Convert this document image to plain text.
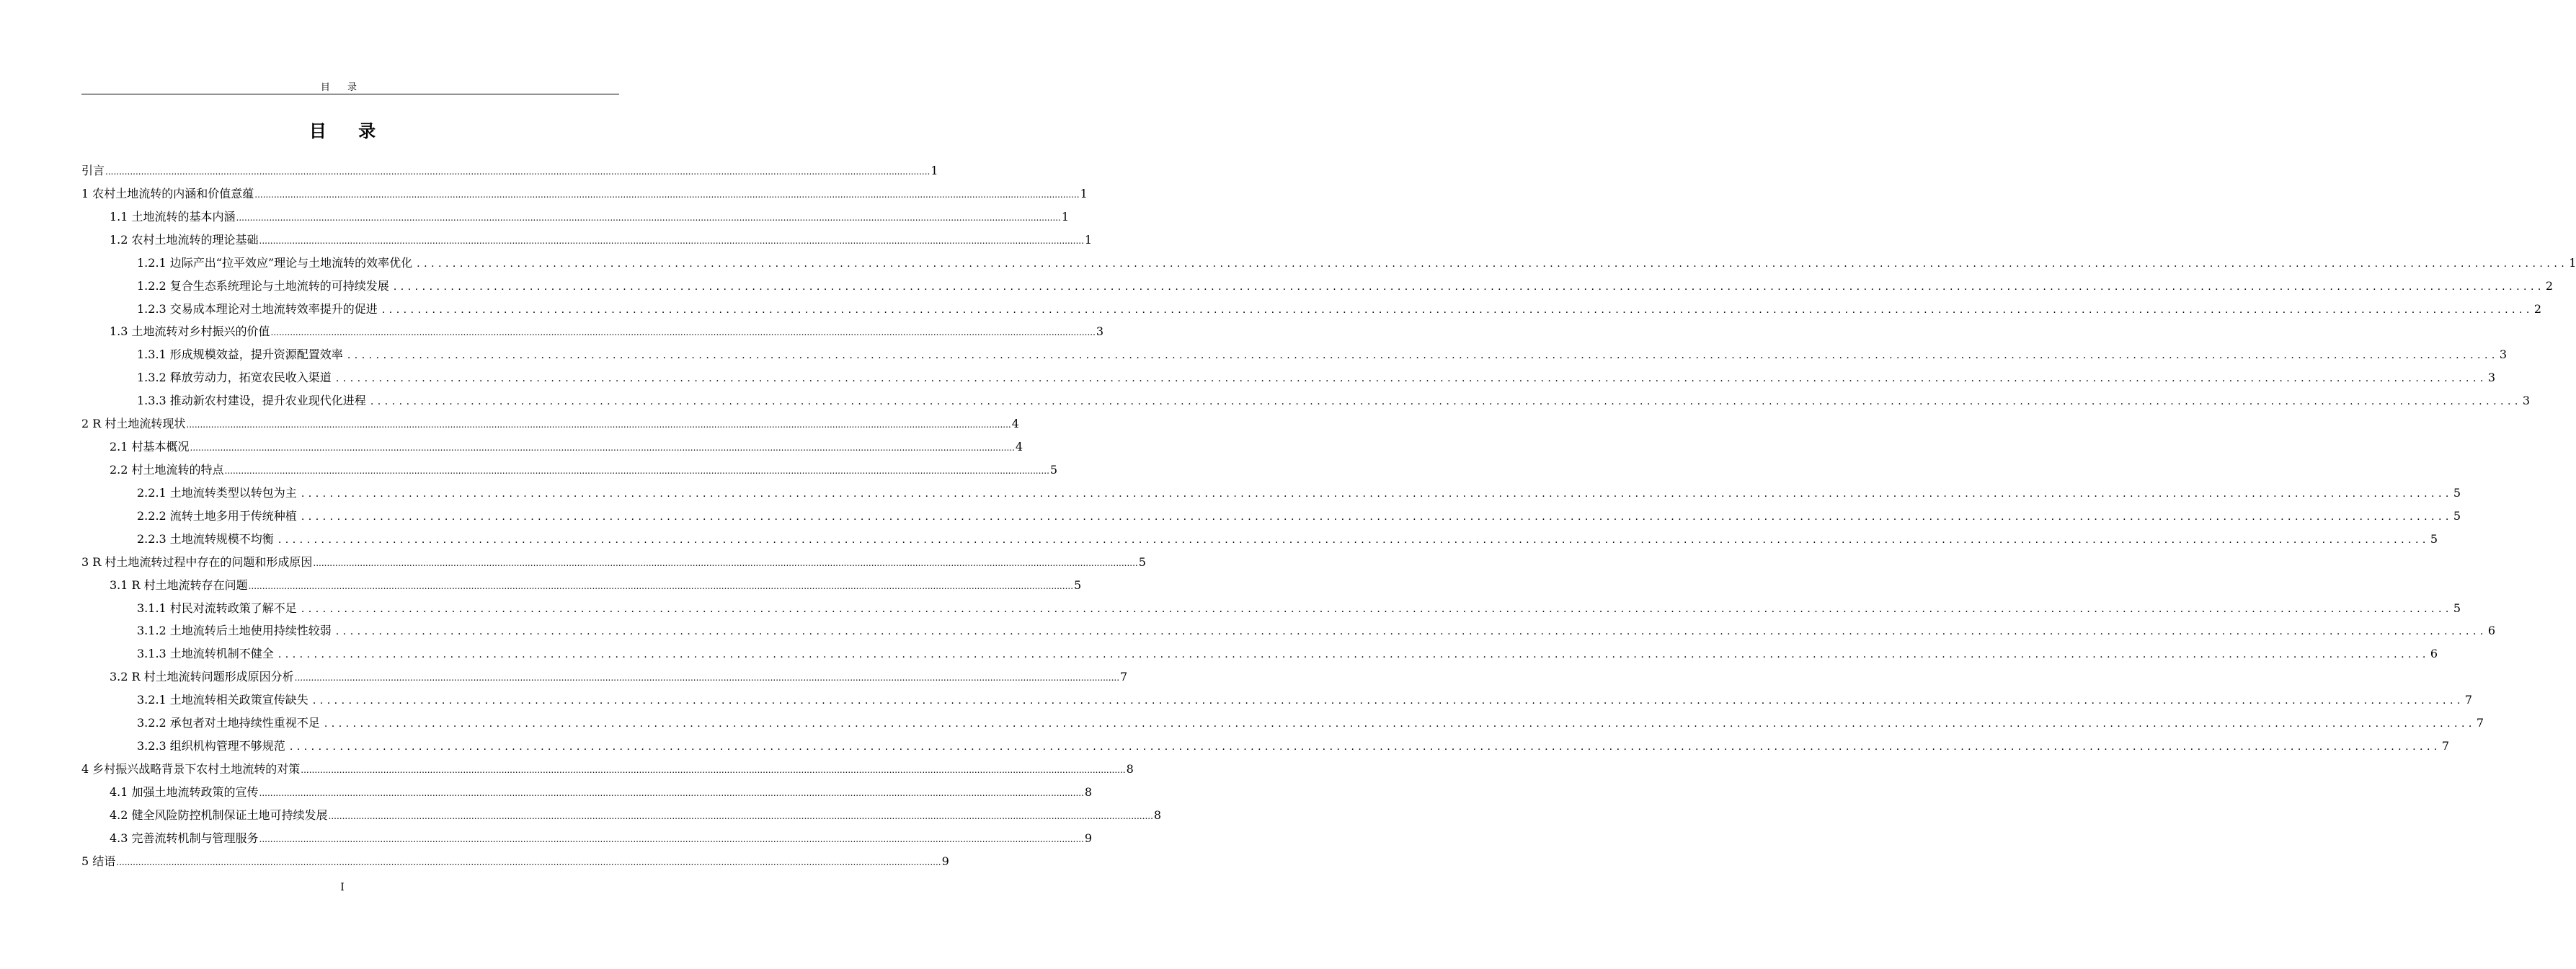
目 录
目 录
引言 ............................................................................................................................................................................................................................................................................................................ 1
1 农村土地流转的内涵和价值意蕴 ............................................................................................................................................................................................................................................................................................................ 1
1.1 土地流转的基本内涵 ............................................................................................................................................................................................................................................................................................................ 1
1.2 农村土地流转的理论基础 ............................................................................................................................................................................................................................................................................................................ 1
1.2.1 边际产出“拉平效应”理论与土地流转的效率优化 ............................................................................................................................................................................................................................................................................................................ 1
1.2.2 复合生态系统理论与土地流转的可持续发展 ............................................................................................................................................................................................................................................................................................................ 2
1.2.3 交易成本理论对土地流转效率提升的促进 ............................................................................................................................................................................................................................................................................................................ 2
1.3 土地流转对乡村振兴的价值 ............................................................................................................................................................................................................................................................................................................ 3
1.3.1 形成规模效益，提升资源配置效率 ............................................................................................................................................................................................................................................................................................................ 3
1.3.2 释放劳动力，拓宽农民收入渠道 ............................................................................................................................................................................................................................................................................................................ 3
1.3.3 推动新农村建设，提升农业现代化进程 ............................................................................................................................................................................................................................................................................................................ 3
2 R 村土地流转现状 ............................................................................................................................................................................................................................................................................................................ 4
2.1 村基本概况 ............................................................................................................................................................................................................................................................................................................ 4
2.2 村土地流转的特点 ............................................................................................................................................................................................................................................................................................................ 5
2.2.1 土地流转类型以转包为主 ............................................................................................................................................................................................................................................................................................................ 5
2.2.2 流转土地多用于传统种植 ............................................................................................................................................................................................................................................................................................................ 5
2.2.3 土地流转规模不均衡 ............................................................................................................................................................................................................................................................................................................ 5
3 R 村土地流转过程中存在的问题和形成原因 ............................................................................................................................................................................................................................................................................................................ 5
3.1 R 村土地流转存在问题 ............................................................................................................................................................................................................................................................................................................ 5
3.1.1 村民对流转政策了解不足 ............................................................................................................................................................................................................................................................................................................ 5
3.1.2 土地流转后土地使用持续性较弱 ............................................................................................................................................................................................................................................................................................................ 6
3.1.3 土地流转机制不健全 ............................................................................................................................................................................................................................................................................................................ 6
3.2 R 村土地流转问题形成原因分析 ............................................................................................................................................................................................................................................................................................................ 7
3.2.1 土地流转相关政策宣传缺失 ............................................................................................................................................................................................................................................................................................................ 7
3.2.2 承包者对土地持续性重视不足 ............................................................................................................................................................................................................................................................................................................ 7
3.2.3 组织机构管理不够规范 ............................................................................................................................................................................................................................................................................................................ 7
4 乡村振兴战略背景下农村土地流转的对策 ............................................................................................................................................................................................................................................................................................................ 8
4.1 加强土地流转政策的宣传 ............................................................................................................................................................................................................................................................................................................ 8
4.2 健全风险防控机制保证土地可持续发展 ............................................................................................................................................................................................................................................................................................................ 8
4.3 完善流转机制与管理服务 ............................................................................................................................................................................................................................................................................................................ 9
5 结语 ............................................................................................................................................................................................................................................................................................................ 9
I
